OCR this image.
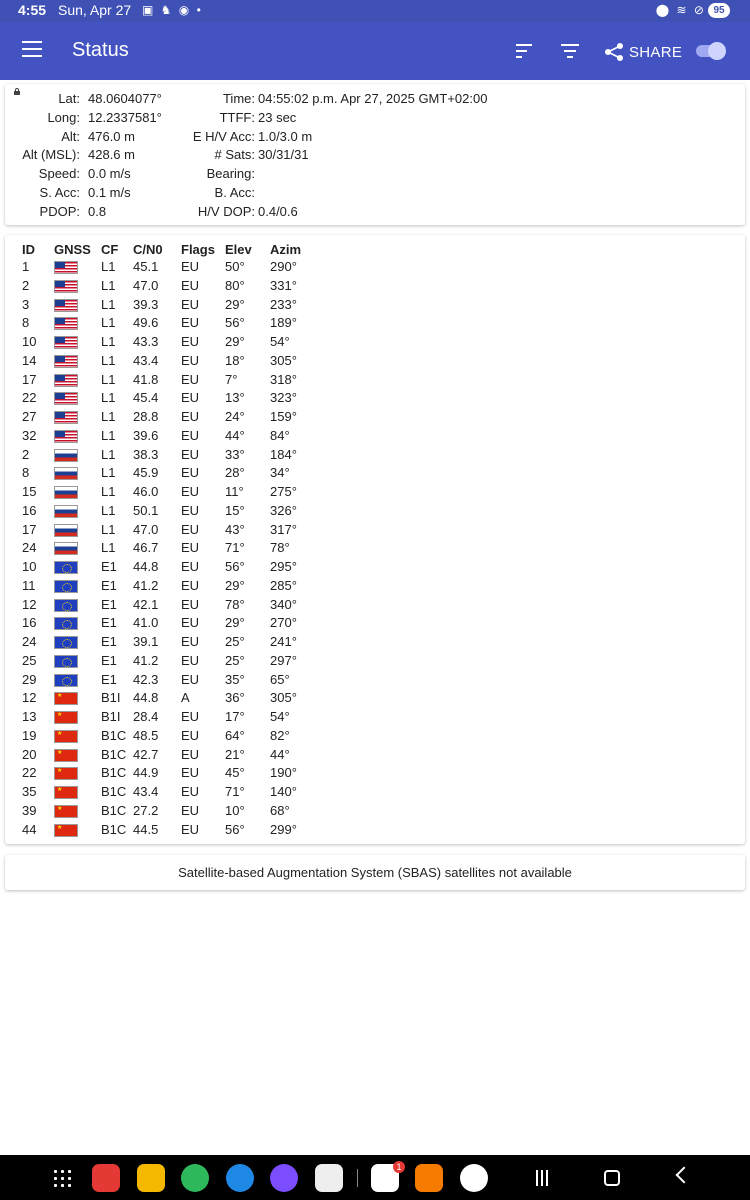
4:55 Sun, Apr 27 ▣ ♞ ◉ •	⬤ ≋ ⊘ 95
Status	SHARE
Lat: 48.0604077°	Time: 04:55:02 p.m. Apr 27, 2025 GMT+02:00
Long: 12.2337581°	TTFF: 23 sec
Alt: 476.0 m	E H/V Acc: 1.0/3.0 m
Alt (MSL): 428.6 m	# Sats: 30/31/31
Speed: 0.0 m/s	Bearing:
S. Acc: 0.1 m/s	B. Acc:
PDOP: 0.8	H/V DOP: 0.4/0.6
ID GNSS CF C/N0 Flags Elev Azim
1	L1 45.1 EU 50° 290°
2	L1 47.0 EU 80° 331°
3	L1 39.3 EU 29° 233°
8	L1 49.6 EU 56° 189°
10	L1 43.3 EU 29° 54°
14	L1 43.4 EU 18° 305°
17	L1 41.8 EU 7°	318°
22	L1 45.4 EU 13° 323°
27	L1 28.8 EU 24° 159°
32	L1 39.6 EU 44° 84°
2	L1 38.3 EU 33° 184°
8	L1 45.9 EU 28° 34°
15	L1 46.0 EU 11° 275°
16	L1 50.1 EU 15° 326°
17	L1 47.0 EU 43° 317°
24	L1 46.7 EU 71° 78°
10	E1 44.8 EU 56° 295°
11	E1 41.2 EU 29° 285°
12	E1 42.1 EU 78° 340°
16	E1 41.0 EU 29° 270°
24	E1 39.1 EU 25° 241°
25	E1 41.2 EU 25° 297°
29	E1 42.3 EU 35° 65°
12	B1I 44.8 A	36° 305°
★
13	B1I 28.4 EU 17° 54°
★
19	B1C 48.5 EU 64° 82°
★
20	B1C 42.7 EU 21° 44°
★
22	B1C 44.9 EU 45° 190°
★
35	B1C 43.4 EU 71° 140°
★
39	B1C 27.2 EU 10° 68°
★
44	B1C 44.5 EU 56° 299°
★
Satellite-based Augmentation System (SBAS) satellites not available
1
